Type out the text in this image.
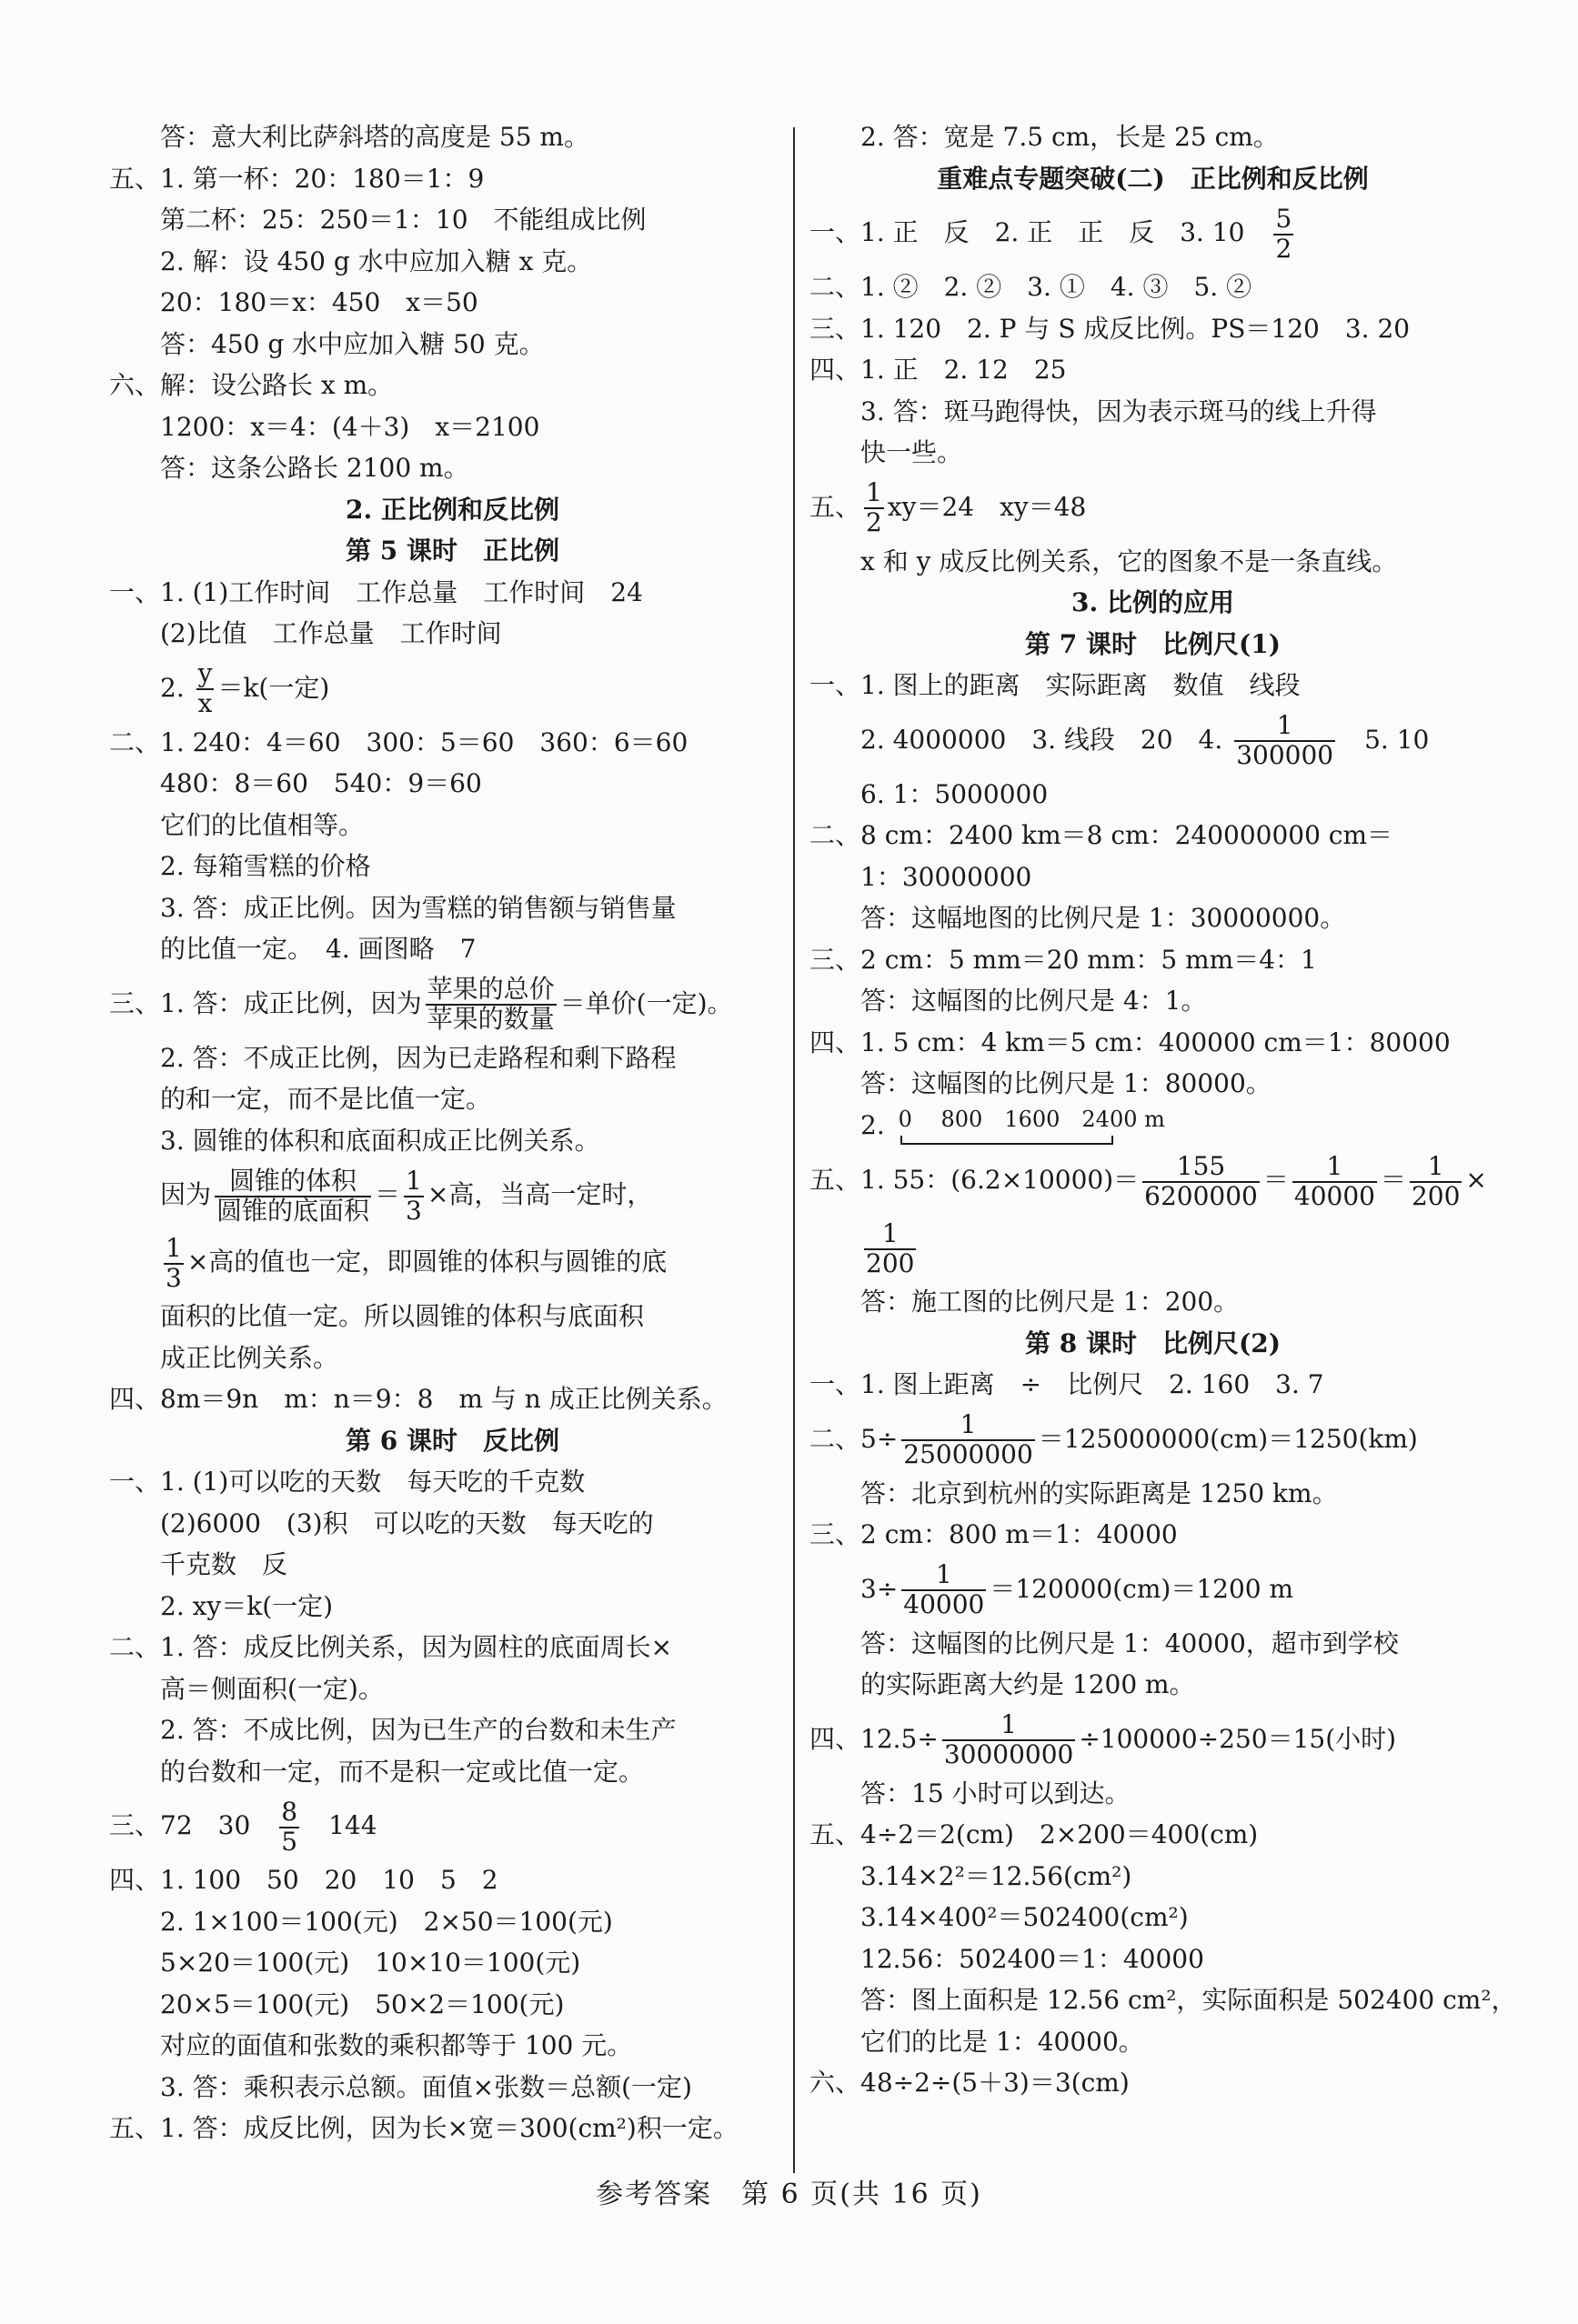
答：意大利比萨斜塔的高度是 55 m。
五、1. 第一杯：20：180＝1：9
第二杯：25：250＝1：10　不能组成比例
2. 解：设 450 g 水中应加入糖 x 克。
20：180＝x：450　x＝50
答：450 g 水中应加入糖 50 克。
六、解：设公路长 x m。
1200：x＝4：(4＋3)　x＝2100
答：这条公路长 2100 m。
2. 正比例和反比例
第 5 课时　正比例
一、1. (1)工作时间　工作总量　工作时间　24
(2)比值　工作总量　工作时间
2. $\frac{y}{x} =k$(一定)
二、1. 240：4＝60　300：5＝60　360：6＝60
480：8＝60　540：9＝60
它们的比值相等。
2. 每箱雪糕的价格
3. 答：成正比例。因为雪糕的销售额与销售量
的比值一定。　4. 画图略　7
三、1. 答：成正比例，因为 $\frac{\text{苹果的总价}}{\text{苹果的数量}}$ ＝单价(一定)。
2. 答：不成正比例，因为已走路程和剩下路程
的和一定，而不是比值一定。
3. 圆锥的体积和底面积成正比例关系。
因为 $\frac{\text{圆锥的体积}}{\text{圆锥的底面积}} = \frac{1}{3}$ ×高，当高一定时，
$\frac{1}{3}$ ×高的值也一定，即圆锥的体积与圆锥的底
面积的比值一定。所以圆锥的体积与底面积
成正比例关系。
四、8m＝9n　m：n＝9：8　m 与 n 成正比例关系。
第 6 课时　反比例
一、1. (1)可以吃的天数　每天吃的千克数
(2)6000　(3)积　可以吃的天数　每天吃的
千克数　反
2. xy＝k(一定)
二、1. 答：成反比例关系，因为圆柱的底面周长×
高＝侧面积(一定)。
2. 答：不成比例，因为已生产的台数和未生产
的台数和一定，而不是积一定或比值一定。
三、72　30　 $\frac{8}{5}$ 　144
四、1. 100　50　20　10　5　2
2. 1×100＝100(元)　2×50＝100(元)
5×20＝100(元)　10×10＝100(元)
20×5＝100(元)　50×2＝100(元)
对应的面值和张数的乘积都等于 100 元。
3. 答：乘积表示总额。面值×张数＝总额(一定)
五、1. 答：成反比例，因为长×宽＝300(cm²)积一定。
2. 答：宽是 7.5 cm，长是 25 cm。
重难点专题突破(二)　正比例和反比例
一、1. 正　反　2. 正　正　反　3. 10　 $\frac{5}{2}$
二、1. ②　2. ②　3. ①　4. ③　5. ②
三、1. 120　2. P 与 S 成反比例。PS＝120　3. 20
四、1. 正　2. 12　25
3. 答：斑马跑得快，因为表示斑马的线上升得
快一些。
五、 $\frac{1}{2} xy=24$　xy＝48
x 和 y 成反比例关系，它的图象不是一条直线。
3. 比例的应用
第 7 课时　比例尺(1)
一、1. 图上的距离　实际距离　数值　线段
2. 4000000　3. 线段　20　4. $\frac{1}{300000}$ 　5. 10
6. 1：5000000
二、8 cm：2400 km＝8 cm：240000000 cm＝
1：30000000
答：这幅地图的比例尺是 1：30000000。
三、2 cm：5 mm＝20 mm：5 mm＝4：1
答：这幅图的比例尺是 4：1。
四、1. 5 cm：4 km＝5 cm：400000 cm＝1：80000
答：这幅图的比例尺是 1：80000。
2. 0　 800　1600　2400 m
五、1. 55：$(6.2\times 10000)= \frac{155}{6200000} = \frac{1}{40000} = \frac{1}{200}$ ×
$\frac{1}{200}$
答：施工图的比例尺是 1：200。
第 8 课时　比例尺(2)
一、1. 图上距离　÷　比例尺　2. 160　3. 7
二、$5\div \frac{1}{25000000} =125000000(cm)=1250(km)$
答：北京到杭州的实际距离是 1250 km。
三、2 cm：800 m＝1：40000
$3\div \frac{1}{40000} =120000(cm)=1200$ m
答：这幅图的比例尺是 1：40000，超市到学校
的实际距离大约是 1200 m。
四、$12.5\div \frac{1}{30000000} \div 100000\div 250=15$(小时)
答：15 小时可以到达。
五、4÷2＝2(cm)　2×200＝400(cm)
3.14×2²＝12.56(cm²)
3.14×400²＝502400(cm²)
12.56：502400＝1：40000
答：图上面积是 12.56 cm²，实际面积是 502400 cm²，
它们的比是 1：40000。
六、48÷2÷(5＋3)＝3(cm)
参考答案　第 6 页(共 16 页)
